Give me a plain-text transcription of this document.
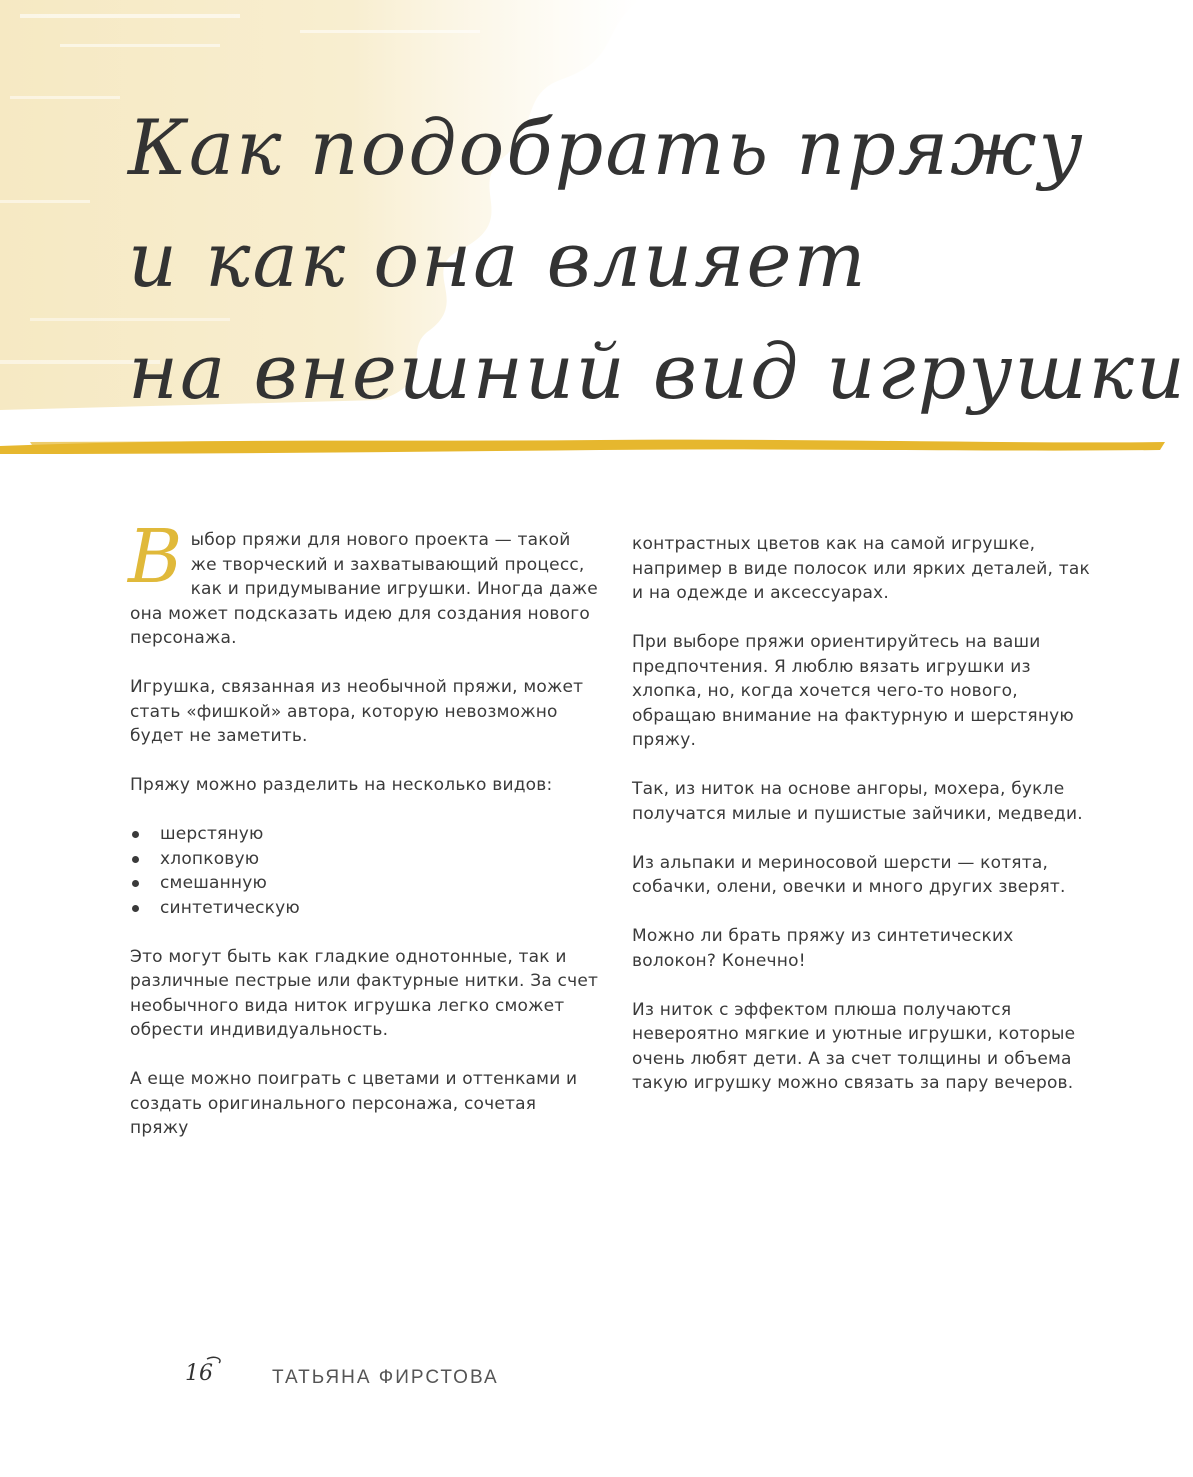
Как подобрать пряжу
и как она влияет
на внешний вид игрушки

Выбор пряжи для нового проекта — такой же творческий и захватывающий процесс, как и придумывание игрушки. Иногда даже она может подсказать идею для создания нового персонажа.

Игрушка, связанная из необычной пряжи, может стать «фишкой» автора, которую невозможно будет не заметить.

Пряжу можно разделить на несколько видов:

шерстяную
хлопковую
смешанную
синтетическую

Это могут быть как гладкие однотонные, так и различные пестрые или фактурные нитки. За счет необычного вида ниток игрушка легко сможет обрести индивидуальность.

А еще можно поиграть с цветами и оттенками и создать оригинального персонажа, сочетая пряжу

контрастных цветов как на самой игрушке, например в виде полосок или ярких деталей, так и на одежде и аксессуарах.

При выборе пряжи ориентируйтесь на ваши предпочтения. Я люблю вязать игрушки из хлопка, но, когда хочется чего-то нового, обращаю внимание на фактурную и шерстяную пряжу.

Так, из ниток на основе ангоры, мохера, букле получатся милые и пушистые зайчики, медведи.

Из альпаки и мериносовой шерсти — котята, собачки, олени, овечки и много других зверят.

Можно ли брать пряжу из синтетических волокон? Конечно!

Из ниток с эффектом плюша получаются невероятно мягкие и уютные игрушки, которые очень любят дети. А за счет толщины и объема такую игрушку можно связать за пару вечеров.

16	ТАТЬЯНА ФИРСТОВА
